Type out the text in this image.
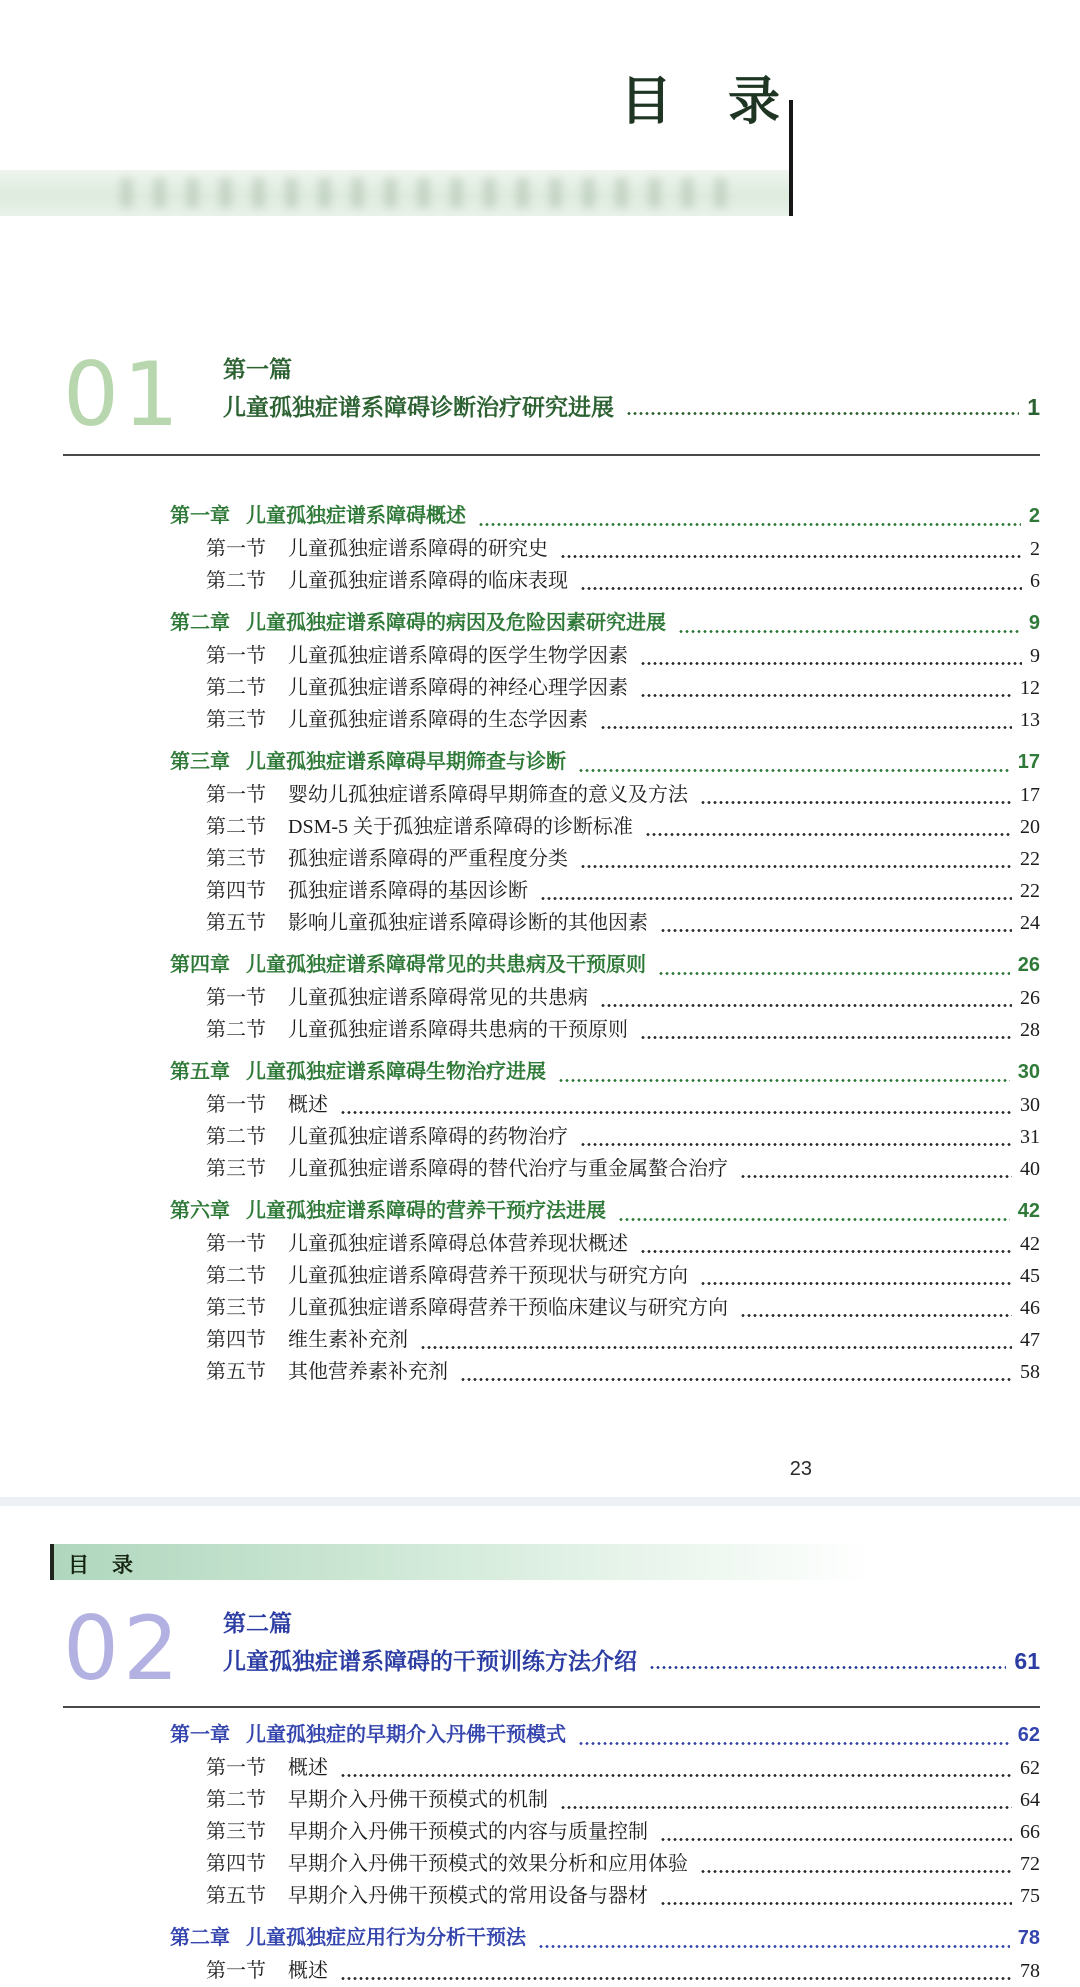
目　录
01 第一篇
儿童孤独症谱系障碍诊断治疗研究进展	1
第一章 儿童孤独症谱系障碍概述	2
第一节 儿童孤独症谱系障碍的研究史	2
第二节 儿童孤独症谱系障碍的临床表现	6
第二章 儿童孤独症谱系障碍的病因及危险因素研究进展	9
第一节 儿童孤独症谱系障碍的医学生物学因素	9
第二节 儿童孤独症谱系障碍的神经心理学因素	12
第三节 儿童孤独症谱系障碍的生态学因素	13
第三章 儿童孤独症谱系障碍早期筛查与诊断	17
第一节 婴幼儿孤独症谱系障碍早期筛查的意义及方法	17
第二节 DSM-5 关于孤独症谱系障碍的诊断标准	20
第三节 孤独症谱系障碍的严重程度分类	22
第四节 孤独症谱系障碍的基因诊断	22
第五节 影响儿童孤独症谱系障碍诊断的其他因素	24
第四章 儿童孤独症谱系障碍常见的共患病及干预原则	26
第一节 儿童孤独症谱系障碍常见的共患病	26
第二节 儿童孤独症谱系障碍共患病的干预原则	28
第五章 儿童孤独症谱系障碍生物治疗进展	30
第一节 概述	30
第二节 儿童孤独症谱系障碍的药物治疗	31
第三节 儿童孤独症谱系障碍的替代治疗与重金属螯合治疗	40
第六章 儿童孤独症谱系障碍的营养干预疗法进展	42
第一节 儿童孤独症谱系障碍总体营养现状概述	42
第二节 儿童孤独症谱系障碍营养干预现状与研究方向	45
第三节 儿童孤独症谱系障碍营养干预临床建议与研究方向	46
第四节 维生素补充剂	47
第五节 其他营养素补充剂	58
23
目　录
02 第二篇
儿童孤独症谱系障碍的干预训练方法介绍	61
第一章 儿童孤独症的早期介入丹佛干预模式	62
第一节 概述	62
第二节 早期介入丹佛干预模式的机制	64
第三节 早期介入丹佛干预模式的内容与质量控制	66
第四节 早期介入丹佛干预模式的效果分析和应用体验	72
第五节 早期介入丹佛干预模式的常用设备与器材	75
第二章 儿童孤独症应用行为分析干预法	78
第一节 概述	78
